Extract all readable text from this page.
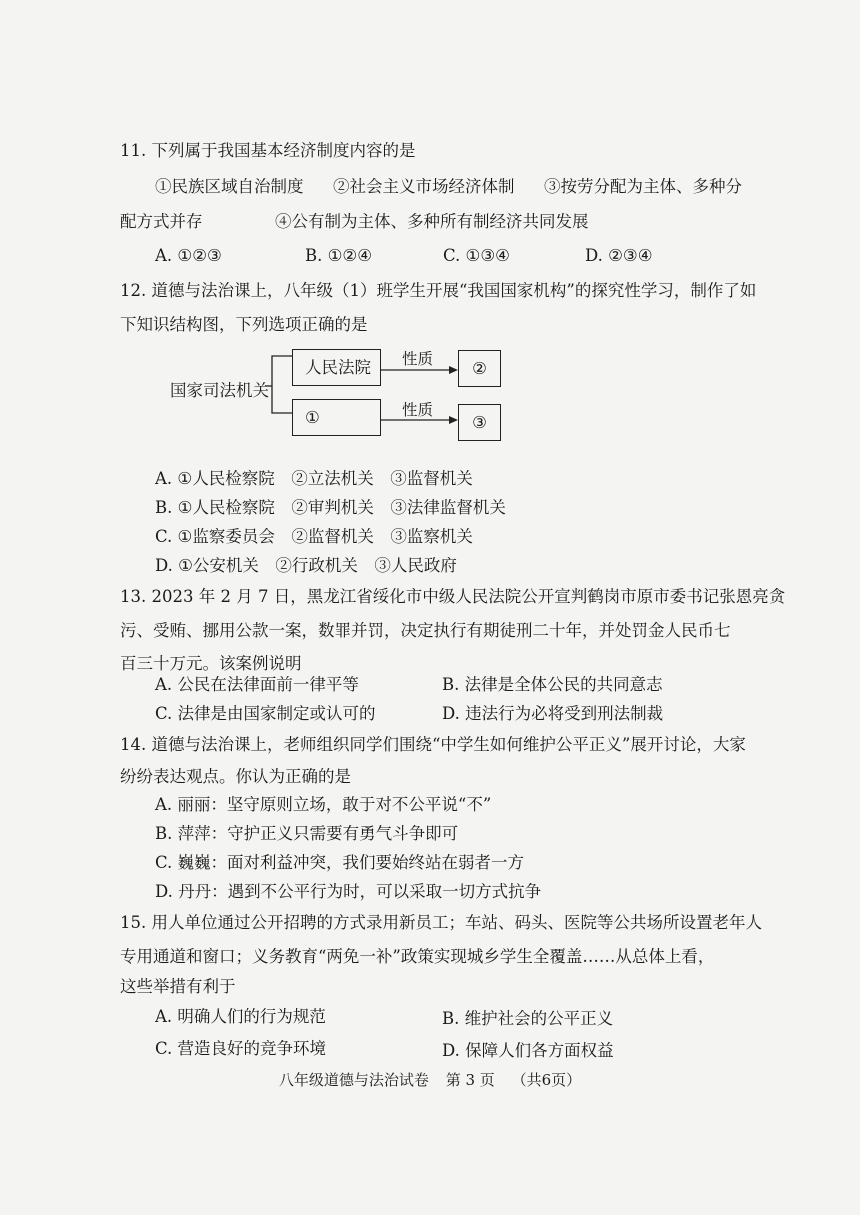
11. 下列属于我国基本经济制度内容的是
①民族区域自治制度 ②社会主义市场经济体制 ③按劳分配为主体、多种分
配方式并存	④公有制为主体、多种所有制经济共同发展
A. ①②③	B. ①②④	C. ①③④	D. ②③④
12. 道德与法治课上，八年级（1）班学生开展“我国国家机构”的探究性学习，制作了如
下知识结构图，下列选项正确的是
国家司法机关
人民法院
①
性质
性质
②
③
A. ①人民检察院　②立法机关　③监督机关
B. ①人民检察院　②审判机关　③法律监督机关
C. ①监察委员会　②监督机关　③监察机关
D. ①公安机关　②行政机关　③人民政府
13. 2023 年 2 月 7 日，黑龙江省绥化市中级人民法院公开宣判鹤岗市原市委书记张恩亮贪
污、受贿、挪用公款一案，数罪并罚，决定执行有期徒刑二十年，并处罚金人民币七
百三十万元。该案例说明
A. 公民在法律面前一律平等	B. 法律是全体公民的共同意志
C. 法律是由国家制定或认可的	D. 违法行为必将受到刑法制裁
14. 道德与法治课上，老师组织同学们围绕“中学生如何维护公平正义”展开讨论，大家
纷纷表达观点。你认为正确的是
A. 丽丽：坚守原则立场，敢于对不公平说“不”
B. 萍萍：守护正义只需要有勇气斗争即可
C. 巍巍：面对利益冲突，我们要始终站在弱者一方
D. 丹丹：遇到不公平行为时，可以采取一切方式抗争
15. 用人单位通过公开招聘的方式录用新员工；车站、码头、医院等公共场所设置老年人
专用通道和窗口；义务教育“两免一补”政策实现城乡学生全覆盖……从总体上看，
这些举措有利于
A. 明确人们的行为规范	B. 维护社会的公平正义
C. 营造良好的竞争环境	D. 保障人们各方面权益
八年级道德与法治试卷 第 3 页 （共6页）
